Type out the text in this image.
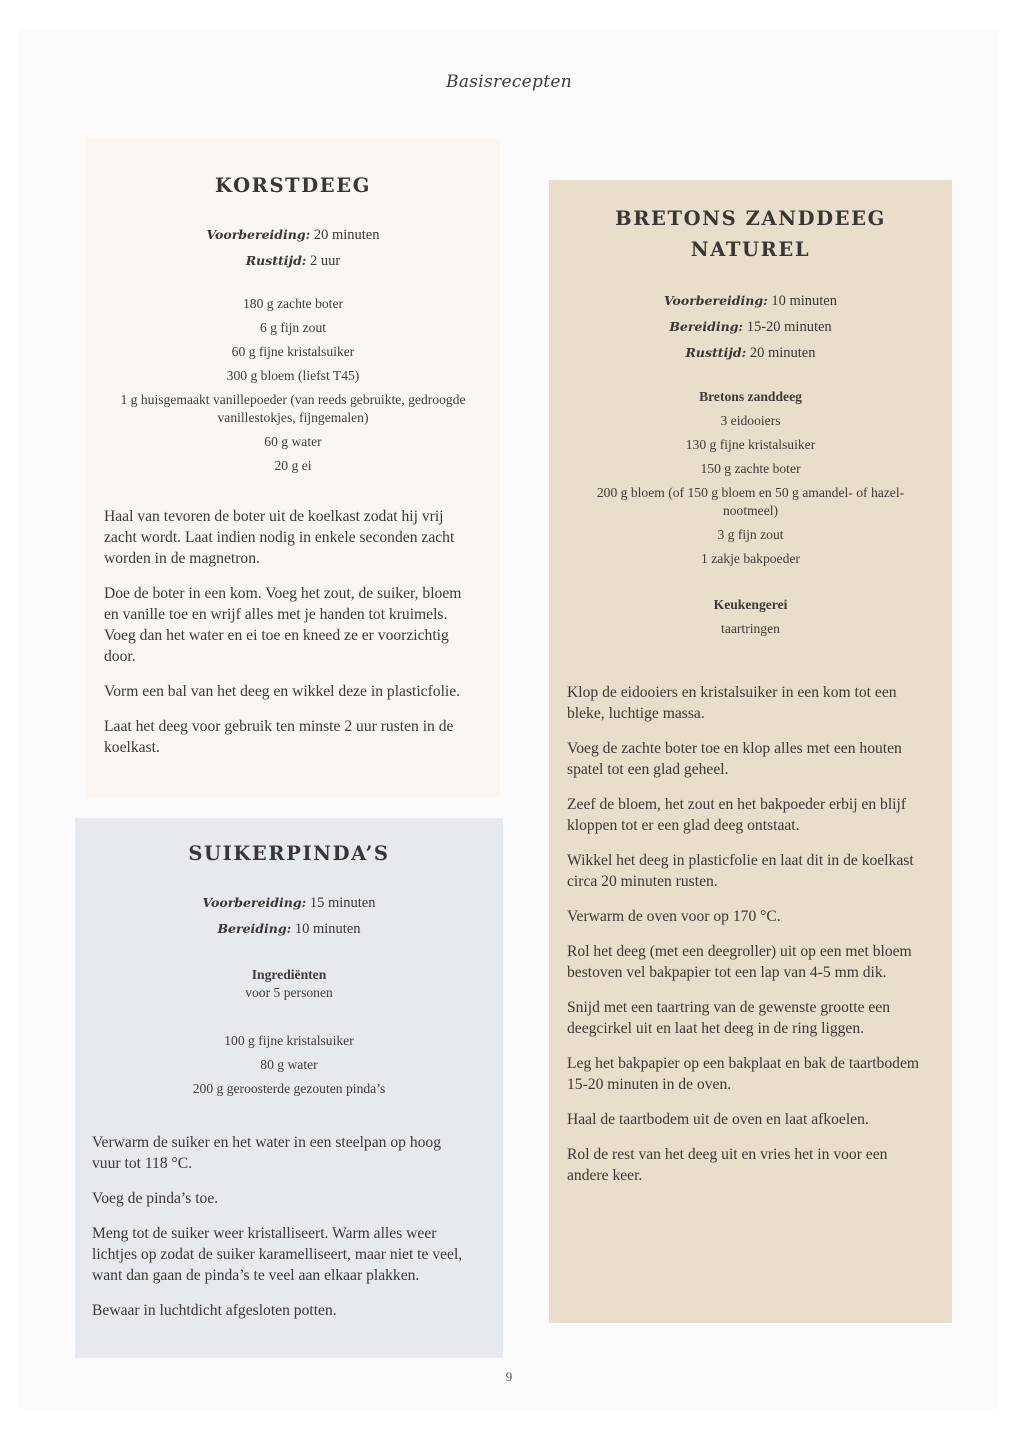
Basisrecepten
KORSTDEEG
Voorbereiding: 20 minuten
Rusttijd: 2 uur
180 g zachte boter
6 g fijn zout
60 g fijne kristalsuiker
300 g bloem (liefst T45)
1 g huisgemaakt vanillepoeder (van reeds gebruikte, gedroogde vanillestokjes, fijngemalen)
60 g water
20 g ei

Haal van tevoren de boter uit de koelkast zodat hij vrij zacht wordt. Laat indien nodig in enkele seconden zacht worden in de magnetron.

Doe de boter in een kom. Voeg het zout, de suiker, bloem en vanille toe en wrijf alles met je handen tot kruimels. Voeg dan het water en ei toe en kneed ze er voorzichtig door.

Vorm een bal van het deeg en wikkel deze in plasticfolie.

Laat het deeg voor gebruik ten minste 2 uur rusten in de koelkast.

SUIKERPINDA’S
Voorbereiding: 15 minuten
Bereiding: 10 minuten
Ingrediënten
voor 5 personen
100 g fijne kristalsuiker
80 g water
200 g geroosterde gezouten pinda’s

Verwarm de suiker en het water in een steelpan op hoog vuur tot 118 °C.

Voeg de pinda’s toe.

Meng tot de suiker weer kristalliseert. Warm alles weer lichtjes op zodat de suiker karamelliseert, maar niet te veel, want dan gaan de pinda’s te veel aan elkaar plakken.

Bewaar in luchtdicht afgesloten potten.

BRETONS ZANDDEEG
NATUREL
Voorbereiding: 10 minuten
Bereiding: 15-20 minuten
Rusttijd: 20 minuten
Bretons zanddeeg
3 eidooiers
130 g fijne kristalsuiker
150 g zachte boter
200 g bloem (of 150 g bloem en 50 g amandel- of hazel-nootmeel)
3 g fijn zout
1 zakje bakpoeder
Keukengerei
taartringen

Klop de eidooiers en kristalsuiker in een kom tot een bleke, luchtige massa.

Voeg de zachte boter toe en klop alles met een houten spatel tot een glad geheel.

Zeef de bloem, het zout en het bakpoeder erbij en blijf kloppen tot er een glad deeg ontstaat.

Wikkel het deeg in plasticfolie en laat dit in de koelkast circa 20 minuten rusten.

Verwarm de oven voor op 170 °C.

Rol het deeg (met een deegroller) uit op een met bloem bestoven vel bakpapier tot een lap van 4-5 mm dik.

Snijd met een taartring van de gewenste grootte een deegcirkel uit en laat het deeg in de ring liggen.

Leg het bakpapier op een bakplaat en bak de taartbodem 15-20 minuten in de oven.

Haal de taartbodem uit de oven en laat afkoelen.

Rol de rest van het deeg uit en vries het in voor een andere keer.

9
